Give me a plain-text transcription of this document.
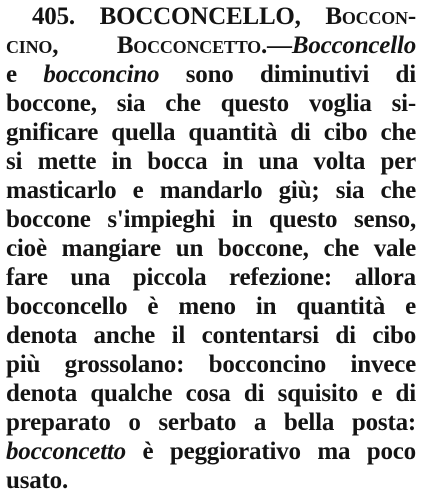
405. BOCCONCELLO, Boccon-
cino, Bocconcetto.—Bocconcello
e bocconcino sono diminutivi di
boccone, sia che questo voglia si-
gnificare quella quantità di cibo che
si mette in bocca in una volta per
masticarlo e mandarlo giù; sia che
boccone s'impieghi in questo senso,
cioè mangiare un boccone, che vale
fare una piccola refezione: allora
bocconcello è meno in quantità e
denota anche il contentarsi di cibo
più grossolano: bocconcino invece
denota qualche cosa di squisito e di
preparato o serbato a bella posta:
bocconcetto è peggiorativo ma poco
usato.
